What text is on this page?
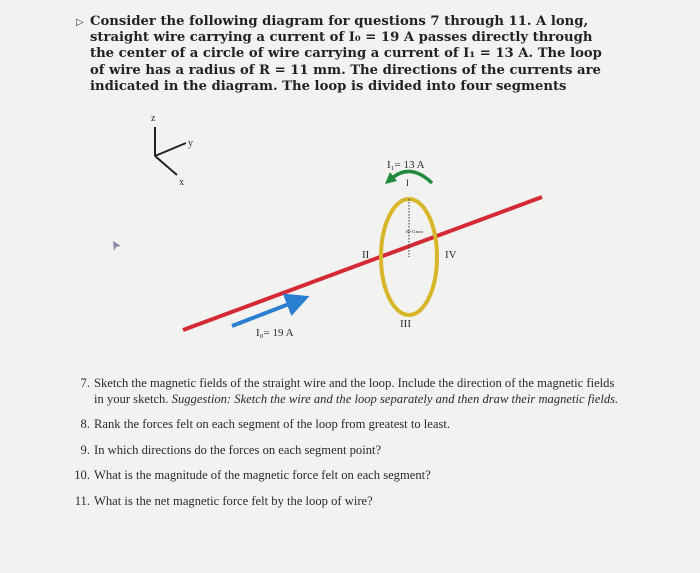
▷ Consider the following diagram for questions 7 through 11. A long, straight wire carrying a current of I₀ = 19 A passes directly through the center of a circle of wire carrying a current of I₁ = 13 A. The loop of wire has a radius of R = 11 mm. The directions of the currents are indicated in the diagram. The loop is divided into four segments
z
y
x
R=11mm
I₁= 13 A
I
II
III
IV
I₀= 19 A
7. Sketch the magnetic fields of the straight wire and the loop. Include the direction of the magnetic fields in your sketch. Suggestion: Sketch the wire and the loop separately and then draw their magnetic fields.
8. Rank the forces felt on each segment of the loop from greatest to least.
9. In which directions do the forces on each segment point?
10. What is the magnitude of the magnetic force felt on each segment?
11. What is the net magnetic force felt by the loop of wire?
